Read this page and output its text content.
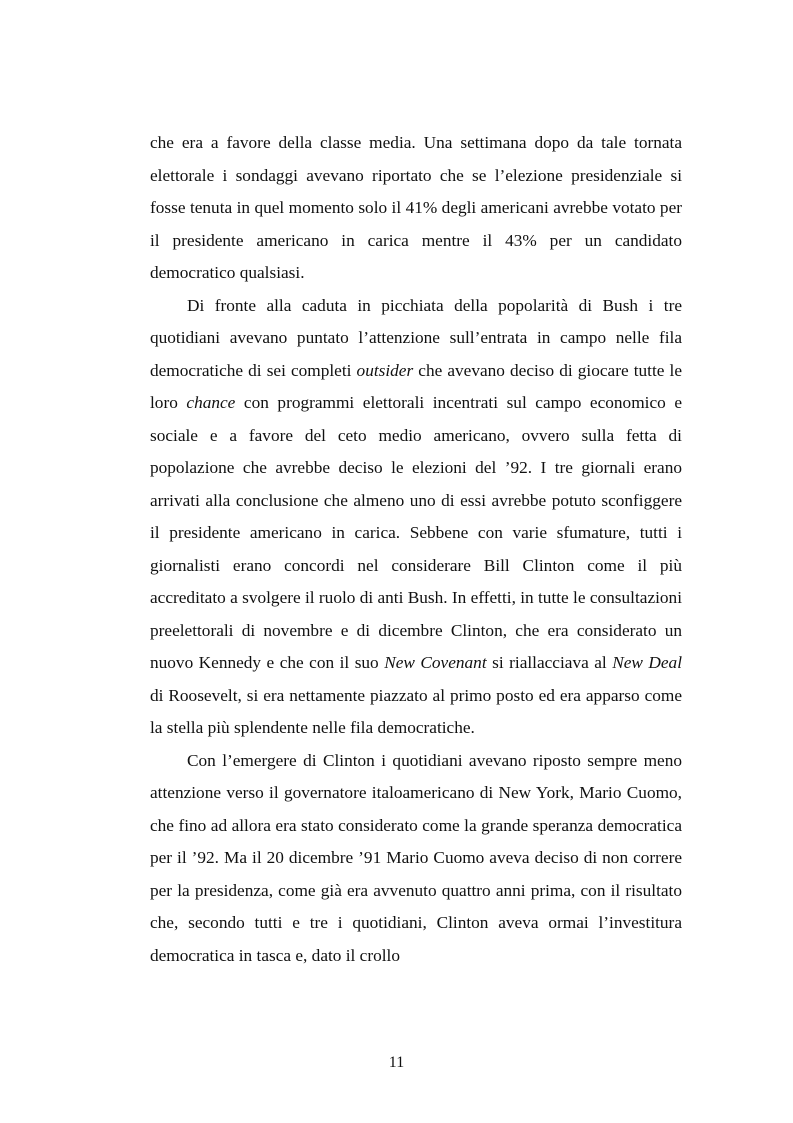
che era a favore della classe media. Una settimana dopo da tale tornata elettorale i sondaggi avevano riportato che se l’elezione presidenziale si fosse tenuta in quel momento solo il 41% degli americani avrebbe votato per il presidente americano in carica mentre il 43% per un candidato democratico qualsiasi.

Di fronte alla caduta in picchiata della popolarità di Bush i tre quotidiani avevano puntato l’attenzione sull’entrata in campo nelle fila democratiche di sei completi outsider che avevano deciso di giocare tutte le loro chance con programmi elettorali incentrati sul campo economico e sociale e a favore del ceto medio americano, ovvero sulla fetta di popolazione che avrebbe deciso le elezioni del ’92. I tre giornali erano arrivati alla conclusione che almeno uno di essi avrebbe potuto sconfiggere il presidente americano in carica. Sebbene con varie sfumature, tutti i giornalisti erano concordi nel considerare Bill Clinton come il più accreditato a svolgere il ruolo di anti Bush. In effetti, in tutte le consultazioni preelettorali di novembre e di dicembre Clinton, che era considerato un nuovo Kennedy e che con il suo New Covenant si riallacciava al New Deal di Roosevelt, si era nettamente piazzato al primo posto ed era apparso come la stella più splendente nelle fila democratiche.

Con l’emergere di Clinton i quotidiani avevano riposto sempre meno attenzione verso il governatore italoamericano di New York, Mario Cuomo, che fino ad allora era stato considerato come la grande speranza democratica per il ’92. Ma il 20 dicembre ’91 Mario Cuomo aveva deciso di non correre per la presidenza, come già era avvenuto quattro anni prima, con il risultato che, secondo tutti e tre i quotidiani, Clinton aveva ormai l’investitura democratica in tasca e, dato il crollo

11
